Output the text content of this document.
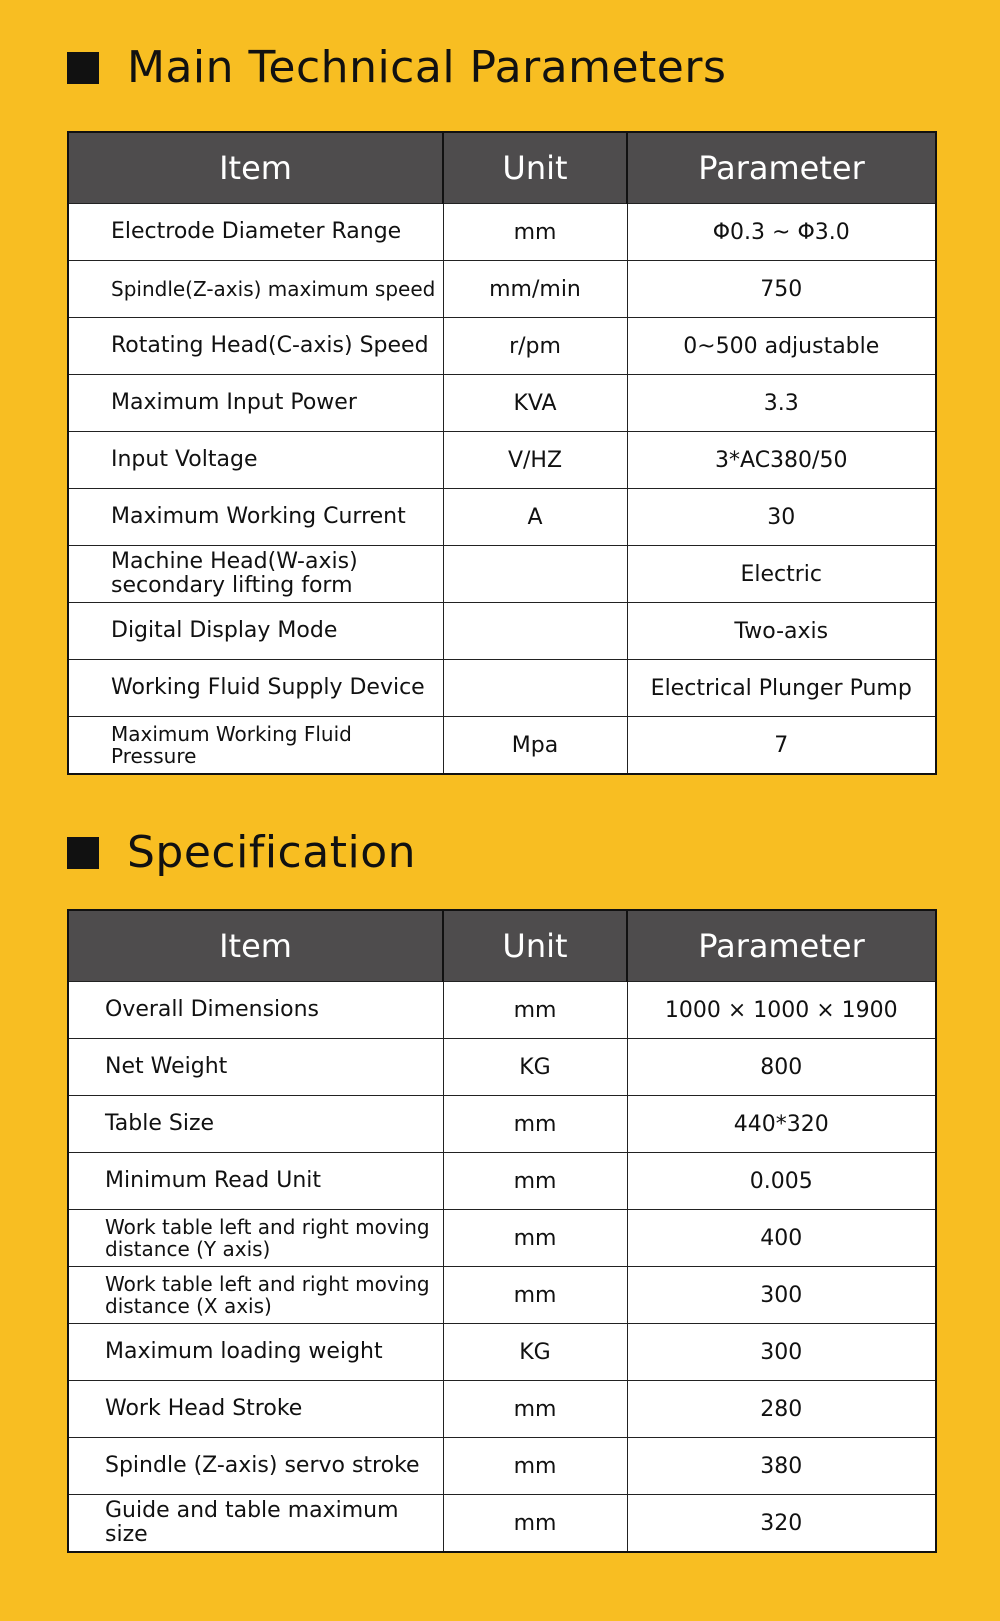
Main Technical Parameters
Item	Unit	Parameter
Electrode Diameter Range	mm	Φ0.3 ~ Φ3.0
Spindle(Z-axis) maximum speed	mm/min	750
Rotating Head(C-axis) Speed	r/pm	0~500 adjustable
Maximum Input Power	KVA	3.3
Input Voltage	V/HZ	3*AC380/50
Maximum Working Current	A	30
Machine Head(W-axis) secondary lifting form		Electric
Digital Display Mode		Two-axis
Working Fluid Supply Device		Electrical Plunger Pump
Maximum Working Fluid Pressure	Mpa	7
Specification
Item	Unit	Parameter
Overall Dimensions	mm	1000 × 1000 × 1900
Net Weight	KG	800
Table Size	mm	440*320
Minimum Read Unit	mm	0.005
Work table left and right moving distance (Y axis)	mm	400
Work table left and right moving distance (X axis)	mm	300
Maximum loading weight	KG	300
Work Head Stroke	mm	280
Spindle (Z-axis) servo stroke	mm	380
Guide and table maximum size	mm	320
